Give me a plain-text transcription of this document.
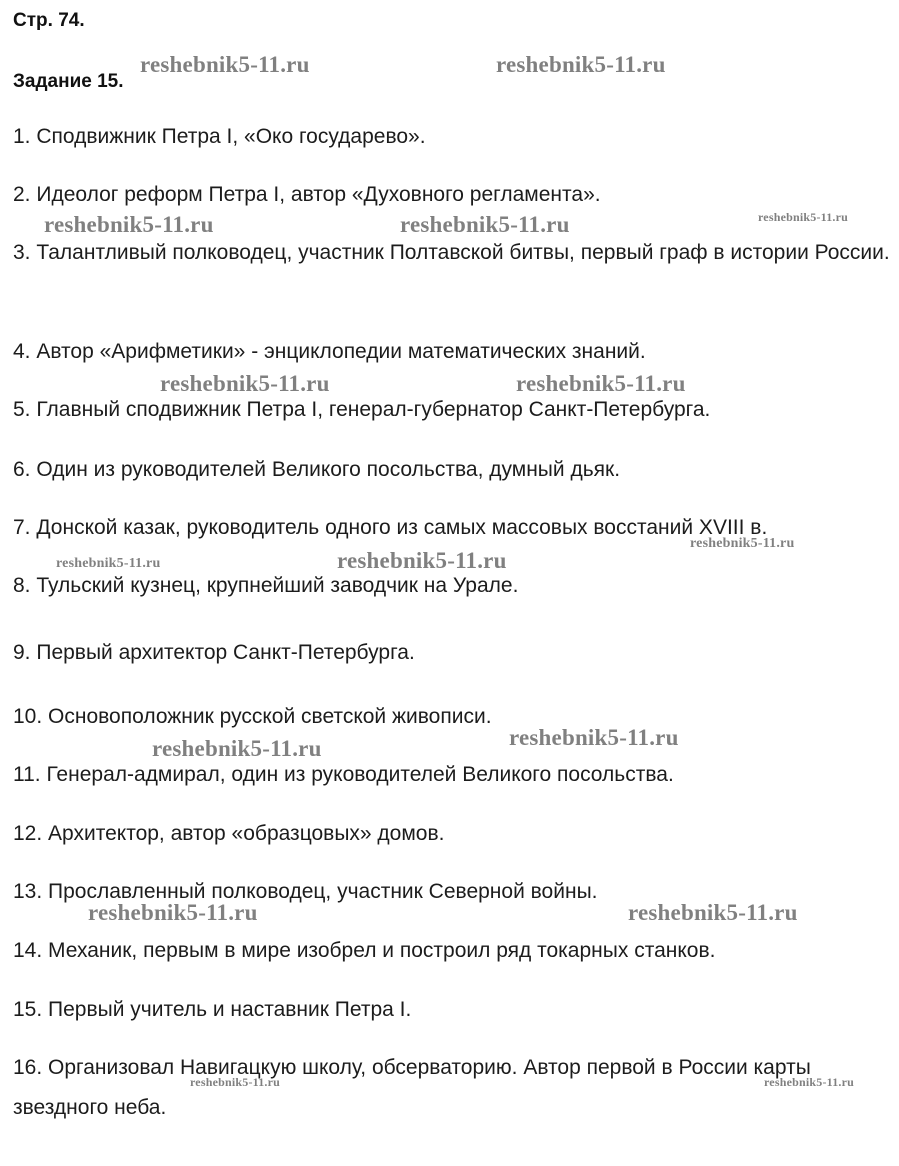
Стр. 74.
Задание 15.
1. Сподвижник Петра I, «Око государево».
2. Идеолог реформ Петра I, автор «Духовного регламента».
3. Талантливый полководец, участник Полтавской битвы, первый граф в истории России.
4. Автор «Арифметики» - энциклопедии математических знаний.
5. Главный сподвижник Петра I, генерал-губернатор Санкт-Петербурга.
6. Один из руководителей Великого посольства, думный дьяк.
7. Донской казак, руководитель одного из самых массовых восстаний XVIII в.
8. Тульский кузнец, крупнейший заводчик на Урале.
9. Первый архитектор Санкт-Петербурга.
10. Основоположник русской светской живописи.
11. Генерал-адмирал, один из руководителей Великого посольства.
12. Архитектор, автор «образцовых» домов.
13. Прославленный полководец, участник Северной войны.
14. Механик, первым в мире изобрел и построил ряд токарных станков.
15. Первый учитель и наставник Петра I.
16. Организовал Навигацкую школу, обсерваторию. Автор первой в России карты звездного неба.
reshebnik5-11.ru	reshebnik5-11.ru
reshebnik5-11.ru	reshebnik5-11.ru	reshebnik5-11.ru
reshebnik5-11.ru	reshebnik5-11.ru
reshebnik5-11.ru
reshebnik5-11.ru	reshebnik5-11.ru
reshebnik5-11.ru
reshebnik5-11.ru
reshebnik5-11.ru	reshebnik5-11.ru
reshebnik5-11.ru	reshebnik5-11.ru
